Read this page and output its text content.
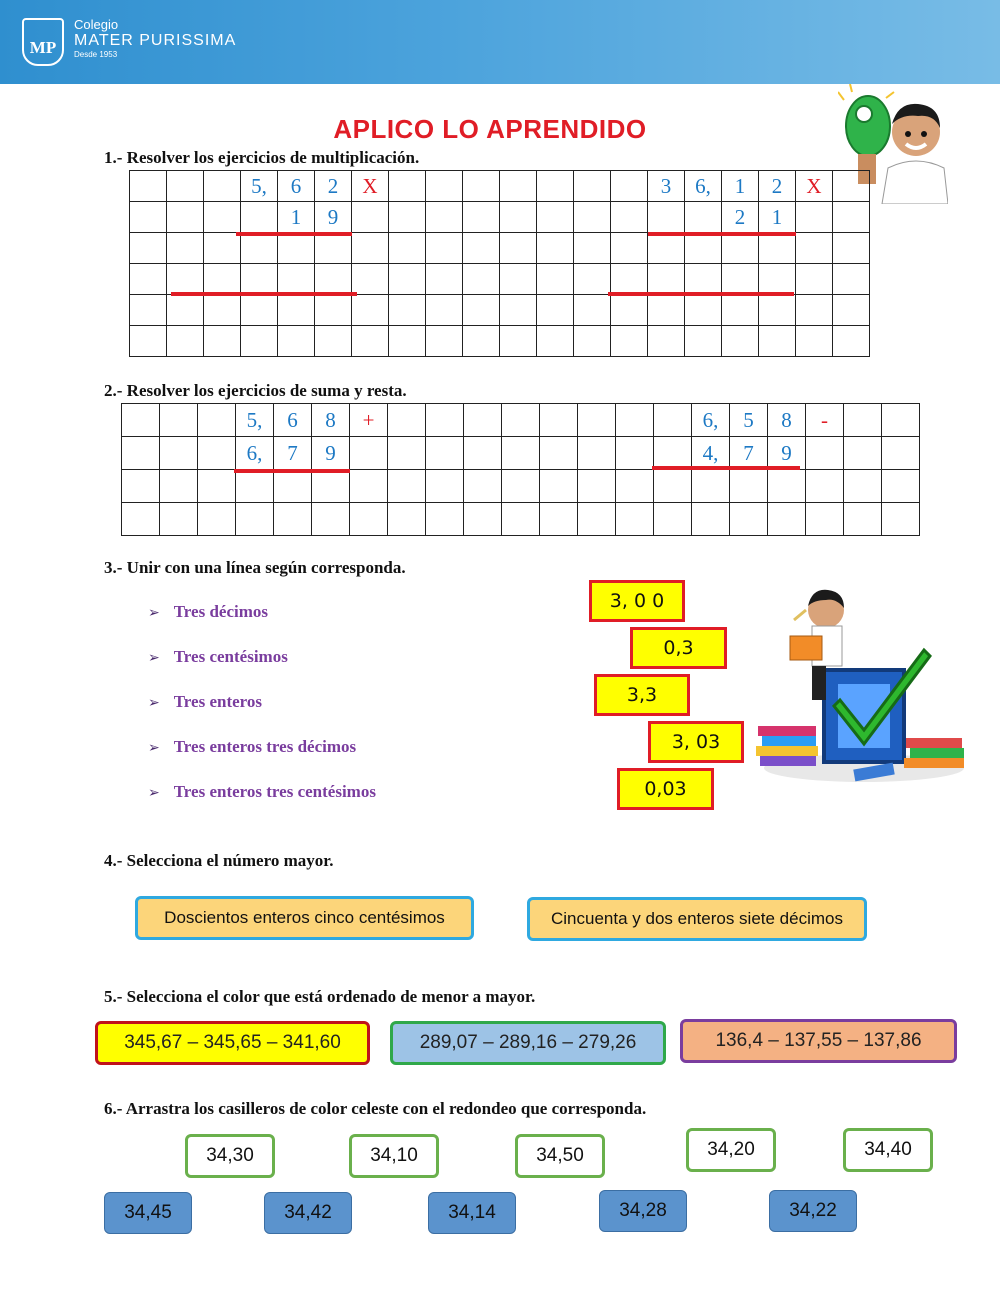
MP
Colegio
MATER PURISSIMA
Desde 1953
APLICO LO APRENDIDO
1.- Resolver los ejercicios de multiplicación.
			5,	6	2	X								3	6,	1	2	X	
				1	9											2	1		

2.- Resolver los ejercicios de suma y resta.
			5,	6	8	+									6,	5	8	-		
			6,	7	9										4,	7	9			

3.- Unir con una línea según corresponda.
➢ Tres décimos
➢ Tres centésimos
➢ Tres enteros
➢ Tres enteros tres décimos
➢ Tres enteros tres centésimos
3, 0 0
0,3
3,3
3, 03
0,03
4.- Selecciona el número mayor.
Doscientos enteros cinco centésimos	Cincuenta y dos enteros siete décimos
5.- Selecciona el color que está ordenado de menor a mayor.
345,67 – 345,65 – 341,60	289,07 – 289,16 – 279,26	136,4 – 137,55 – 137,86
6.- Arrastra los casilleros de color celeste con el redondeo que corresponda.
34,30	34,10	34,50	34,20	34,40
34,45	34,42	34,14	34,28	34,22
